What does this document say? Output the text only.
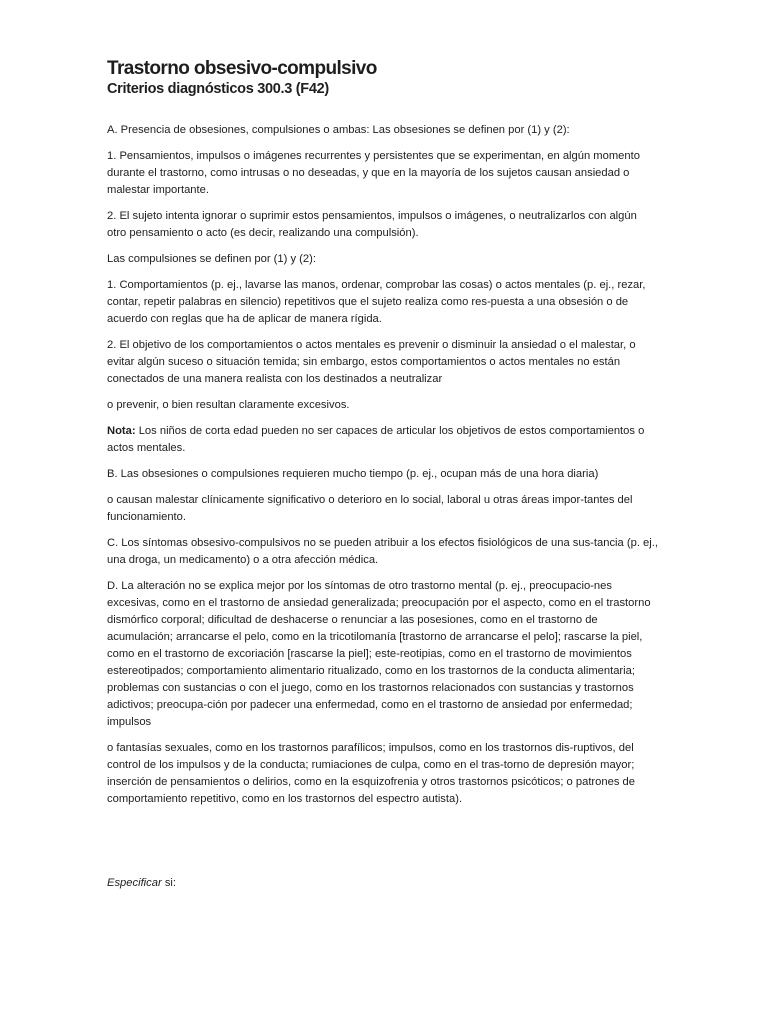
Trastorno obsesivo-compulsivo
Criterios diagnósticos 300.3 (F42)

A. Presencia de obsesiones, compulsiones o ambas: Las obsesiones se definen por (1) y (2):

1. Pensamientos, impulsos o imágenes recurrentes y persistentes que se experimentan, en algún momento durante el trastorno, como intrusas o no deseadas, y que en la mayoría de los sujetos causan ansiedad o malestar importante.

2. El sujeto intenta ignorar o suprimir estos pensamientos, impulsos o imágenes, o neutralizarlos con algún otro pensamiento o acto (es decir, realizando una compulsión).

Las compulsiones se definen por (1) y (2):

1. Comportamientos (p. ej., lavarse las manos, ordenar, comprobar las cosas) o actos mentales (p. ej., rezar, contar, repetir palabras en silencio) repetitivos que el sujeto realiza como res-puesta a una obsesión o de acuerdo con reglas que ha de aplicar de manera rígida.

2. El objetivo de los comportamientos o actos mentales es prevenir o disminuir la ansiedad o el malestar, o evitar algún suceso o situación temida; sin embargo, estos comportamientos o actos mentales no están conectados de una manera realista con los destinados a neutralizar

o prevenir, o bien resultan claramente excesivos.

Nota: Los niños de corta edad pueden no ser capaces de articular los objetivos de estos comportamientos o actos mentales.

B. Las obsesiones o compulsiones requieren mucho tiempo (p. ej., ocupan más de una hora diaria)

o causan malestar clínicamente significativo o deterioro en lo social, laboral u otras áreas impor-tantes del funcionamiento.

C. Los síntomas obsesivo-compulsivos no se pueden atribuir a los efectos fisiológicos de una sus-tancia (p. ej., una droga, un medicamento) o a otra afección médica.

D. La alteración no se explica mejor por los síntomas de otro trastorno mental (p. ej., preocupacio-nes excesivas, como en el trastorno de ansiedad generalizada; preocupación por el aspecto, como en el trastorno dismórfico corporal; dificultad de deshacerse o renunciar a las posesiones, como en el trastorno de acumulación; arrancarse el pelo, como en la tricotilomanía [trastorno de arrancarse el pelo]; rascarse la piel, como en el trastorno de excoriación [rascarse la piel]; este-reotipias, como en el trastorno de movimientos estereotipados; comportamiento alimentario ritualizado, como en los trastornos de la conducta alimentaria; problemas con sustancias o con el juego, como en los trastornos relacionados con sustancias y trastornos adictivos; preocupa-ción por padecer una enfermedad, como en el trastorno de ansiedad por enfermedad; impulsos

o fantasías sexuales, como en los trastornos parafílicos; impulsos, como en los trastornos dis-ruptivos, del control de los impulsos y de la conducta; rumiaciones de culpa, como en el tras-torno de depresión mayor; inserción de pensamientos o delirios, como en la esquizofrenia y otros trastornos psicóticos; o patrones de comportamiento repetitivo, como en los trastornos del espectro autista).

Especificar si:
